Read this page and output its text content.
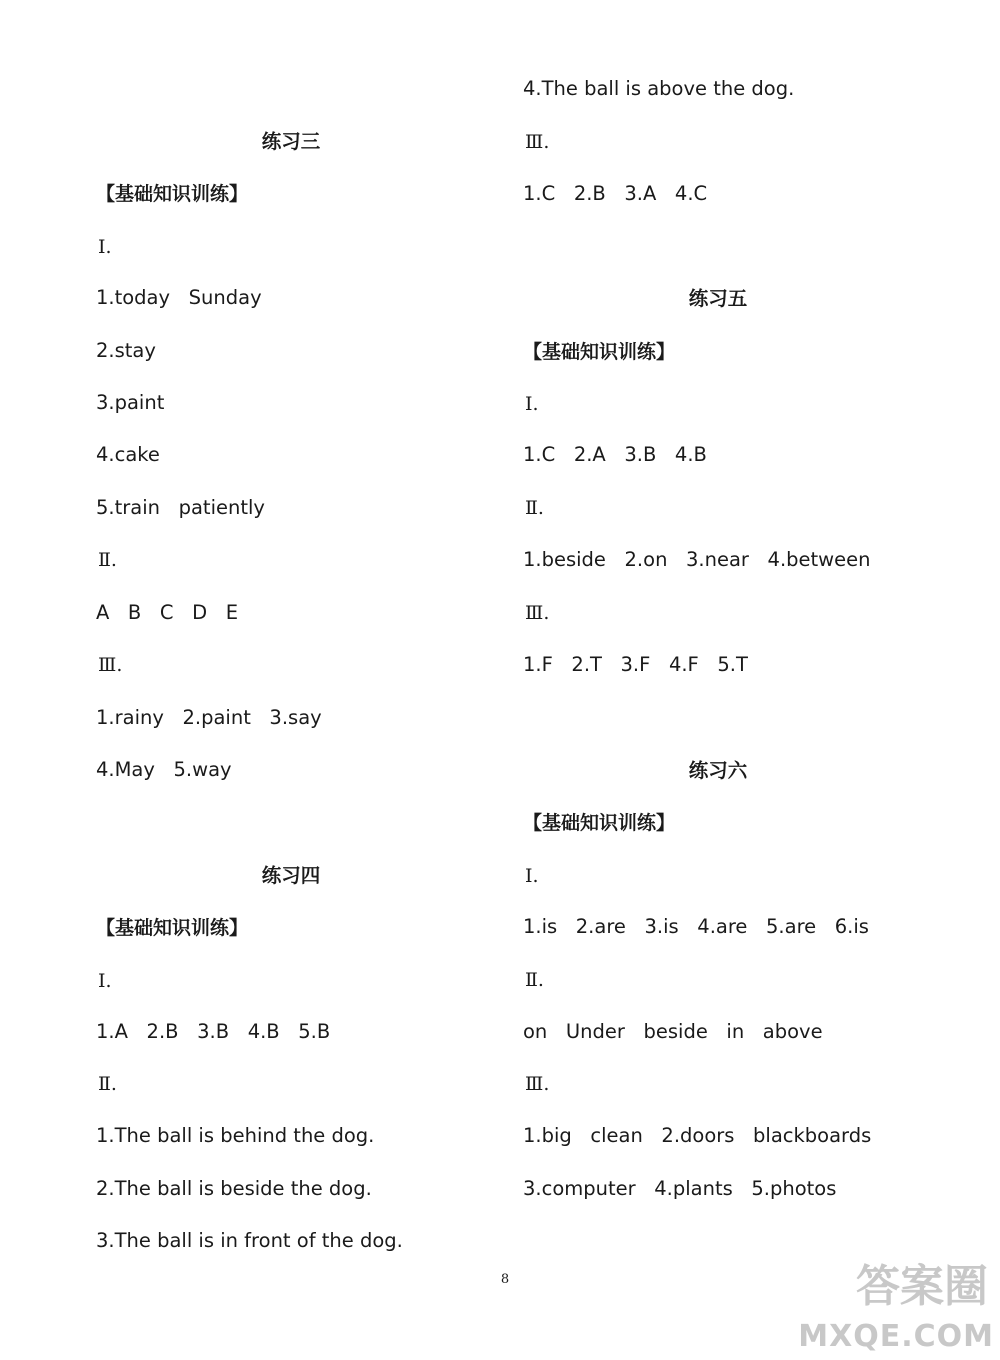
练习三
【基础知识训练】
Ⅰ.
1.today   Sunday
2.stay
3.paint
4.cake
5.train   patiently
Ⅱ.
A   B   C   D   E
Ⅲ.
1.rainy   2.paint   3.say
4.May   5.way
练习四
【基础知识训练】
Ⅰ.
1.A   2.B   3.B   4.B   5.B
Ⅱ.
1.The ball is behind the dog.
2.The ball is beside the dog.
3.The ball is in front of the dog.
4.The ball is above the dog.
Ⅲ.
1.C   2.B   3.A   4.C
练习五
【基础知识训练】
Ⅰ.
1.C   2.A   3.B   4.B
Ⅱ.
1.beside   2.on   3.near   4.between
Ⅲ.
1.F   2.T   3.F   4.F   5.T
练习六
【基础知识训练】
Ⅰ.
1.is   2.are   3.is   4.are   5.are   6.is
Ⅱ.
on   Under   beside   in   above
Ⅲ.
1.big   clean   2.doors   blackboards
3.computer   4.plants   5.photos
8	答案圈
MXQE.COM
